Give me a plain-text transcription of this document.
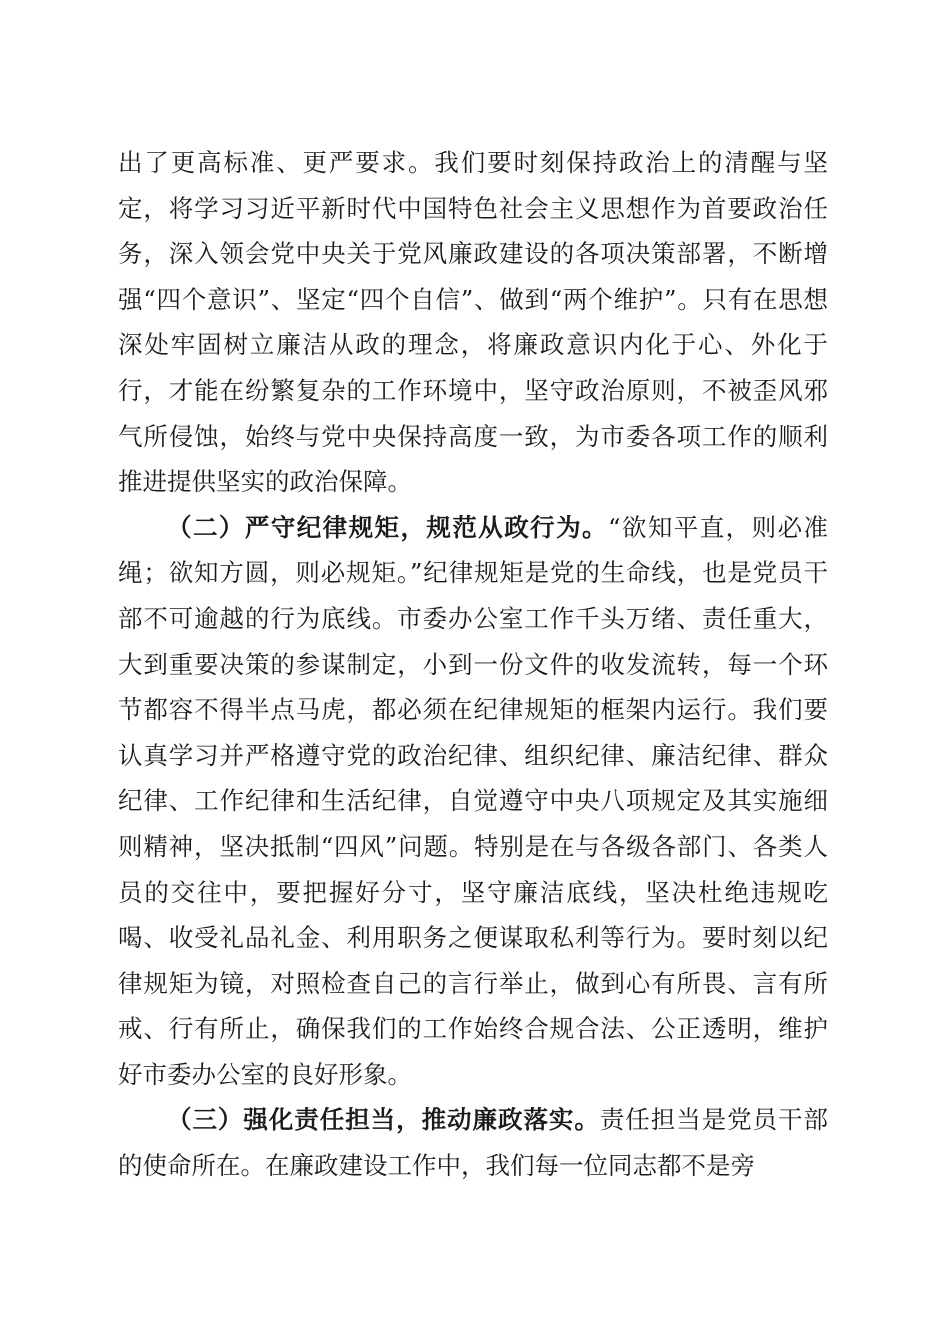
出了更高标准、更严要求。我们要时刻保持政治上的清醒与坚定，将学习习近平新时代中国特色社会主义思想作为首要政治任务，深入领会党中央关于党风廉政建设的各项决策部署，不断增强“四个意识”、坚定“四个自信”、做到“两个维护”。只有在思想深处牢固树立廉洁从政的理念，将廉政意识内化于心、外化于行，才能在纷繁复杂的工作环境中，坚守政治原则，不被歪风邪气所侵蚀，始终与党中央保持高度一致，为市委各项工作的顺利推进提供坚实的政治保障。

（二）严守纪律规矩，规范从政行为。“欲知平直，则必准绳；欲知方圆，则必规矩。”纪律规矩是党的生命线，也是党员干部不可逾越的行为底线。市委办公室工作千头万绪、责任重大，大到重要决策的参谋制定，小到一份文件的收发流转，每一个环节都容不得半点马虎，都必须在纪律规矩的框架内运行。我们要认真学习并严格遵守党的政治纪律、组织纪律、廉洁纪律、群众纪律、工作纪律和生活纪律，自觉遵守中央八项规定及其实施细则精神，坚决抵制“四风”问题。特别是在与各级各部门、各类人员的交往中，要把握好分寸，坚守廉洁底线，坚决杜绝违规吃喝、收受礼品礼金、利用职务之便谋取私利等行为。要时刻以纪律规矩为镜，对照检查自己的言行举止，做到心有所畏、言有所戒、行有所止，确保我们的工作始终合规合法、公正透明，维护好市委办公室的良好形象。

（三）强化责任担当，推动廉政落实。责任担当是党员干部的使命所在。在廉政建设工作中，我们每一位同志都不是旁
